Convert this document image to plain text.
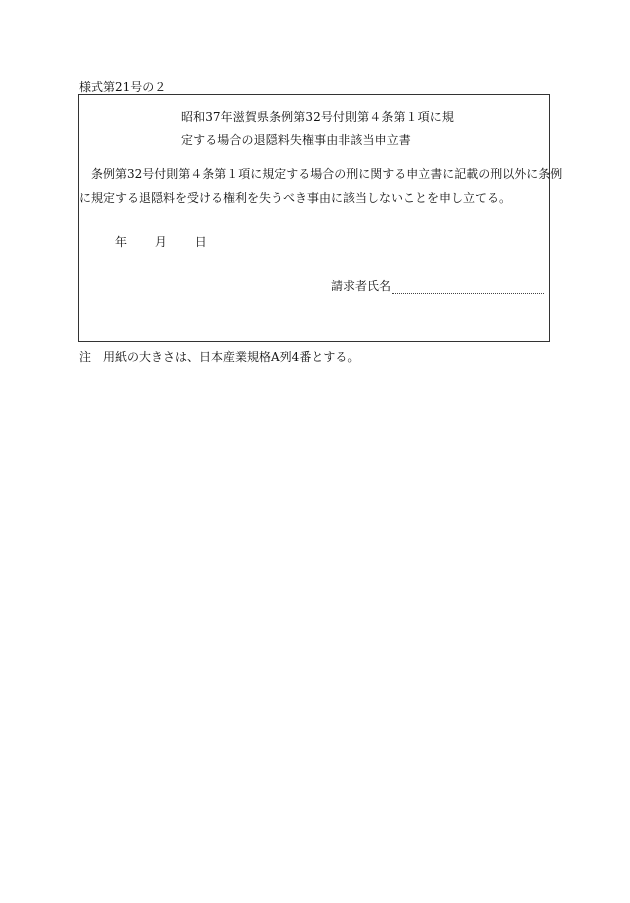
様式第21号の２
昭和37年滋賀県条例第32号付則第４条第１項に規
定する場合の退隠料失権事由非該当申立書
条例第32号付則第４条第１項に規定する場合の刑に関する申立書に記載の刑以外に条例
に規定する退隠料を受ける権利を失うべき事由に該当しないことを申し立てる。
年 月 日
請求者氏名
注 用紙の大きさは、日本産業規格A列4番とする。
